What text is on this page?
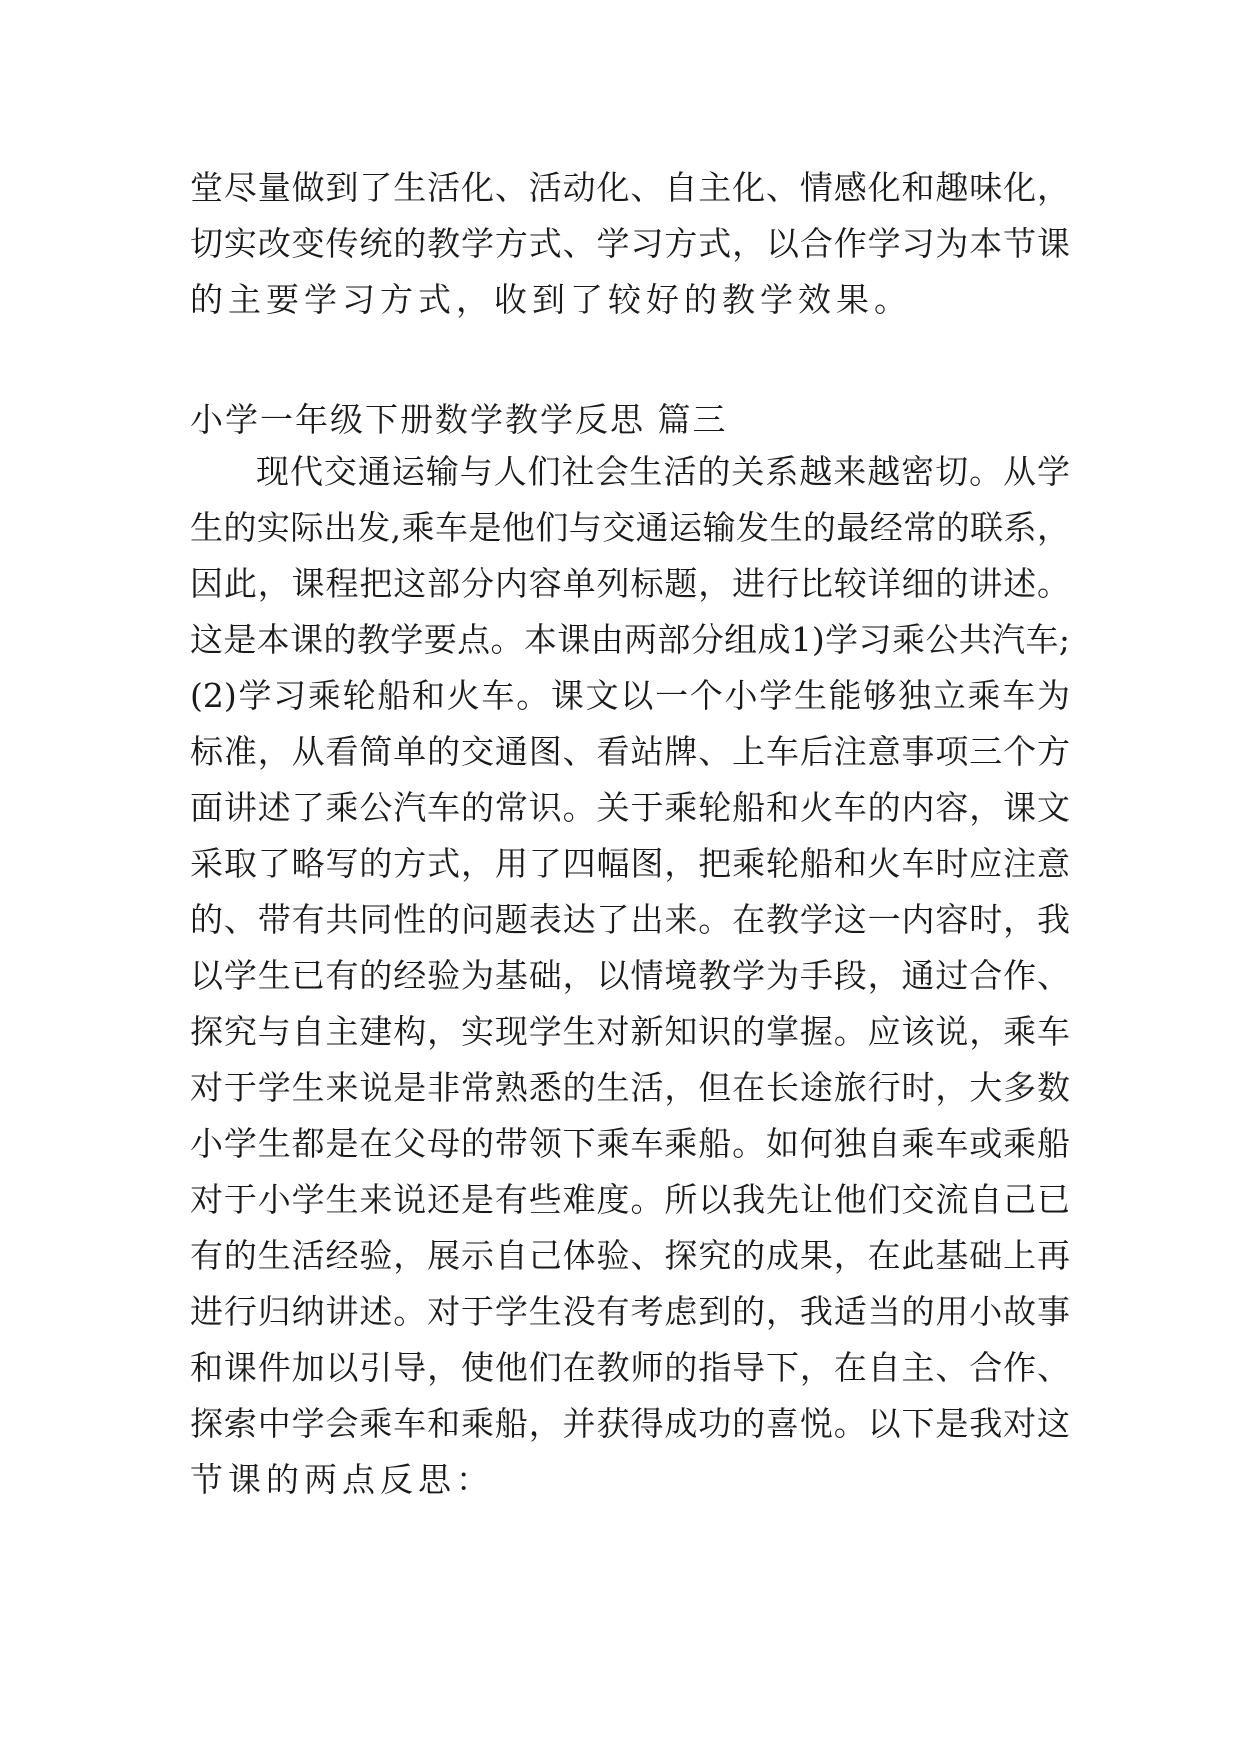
堂尽量做到了生活化、活动化、自主化、情感化和趣味化，
切实改变传统的教学方式、学习方式，以合作学习为本节课
的主要学习方式，收到了较好的教学效果。
小学一年级下册数学教学反思 篇三
现代交通运输与人们社会生活的关系越来越密切。从学
生的实际出发,乘车是他们与交通运输发生的最经常的联系，
因此，课程把这部分内容单列标题，进行比较详细的讲述。
这是本课的教学要点。本课由两部分组成1)学习乘公共汽车;
(2)学习乘轮船和火车。课文以一个小学生能够独立乘车为
标准，从看简单的交通图、看站牌、上车后注意事项三个方
面讲述了乘公汽车的常识。关于乘轮船和火车的内容，课文
采取了略写的方式，用了四幅图，把乘轮船和火车时应注意
的、带有共同性的问题表达了出来。在教学这一内容时，我
以学生已有的经验为基础，以情境教学为手段，通过合作、
探究与自主建构，实现学生对新知识的掌握。应该说，乘车
对于学生来说是非常熟悉的生活，但在长途旅行时，大多数
小学生都是在父母的带领下乘车乘船。如何独自乘车或乘船
对于小学生来说还是有些难度。所以我先让他们交流自己已
有的生活经验，展示自己体验、探究的成果，在此基础上再
进行归纳讲述。对于学生没有考虑到的，我适当的用小故事
和课件加以引导，使他们在教师的指导下，在自主、合作、
探索中学会乘车和乘船，并获得成功的喜悦。以下是我对这
节课的两点反思：
